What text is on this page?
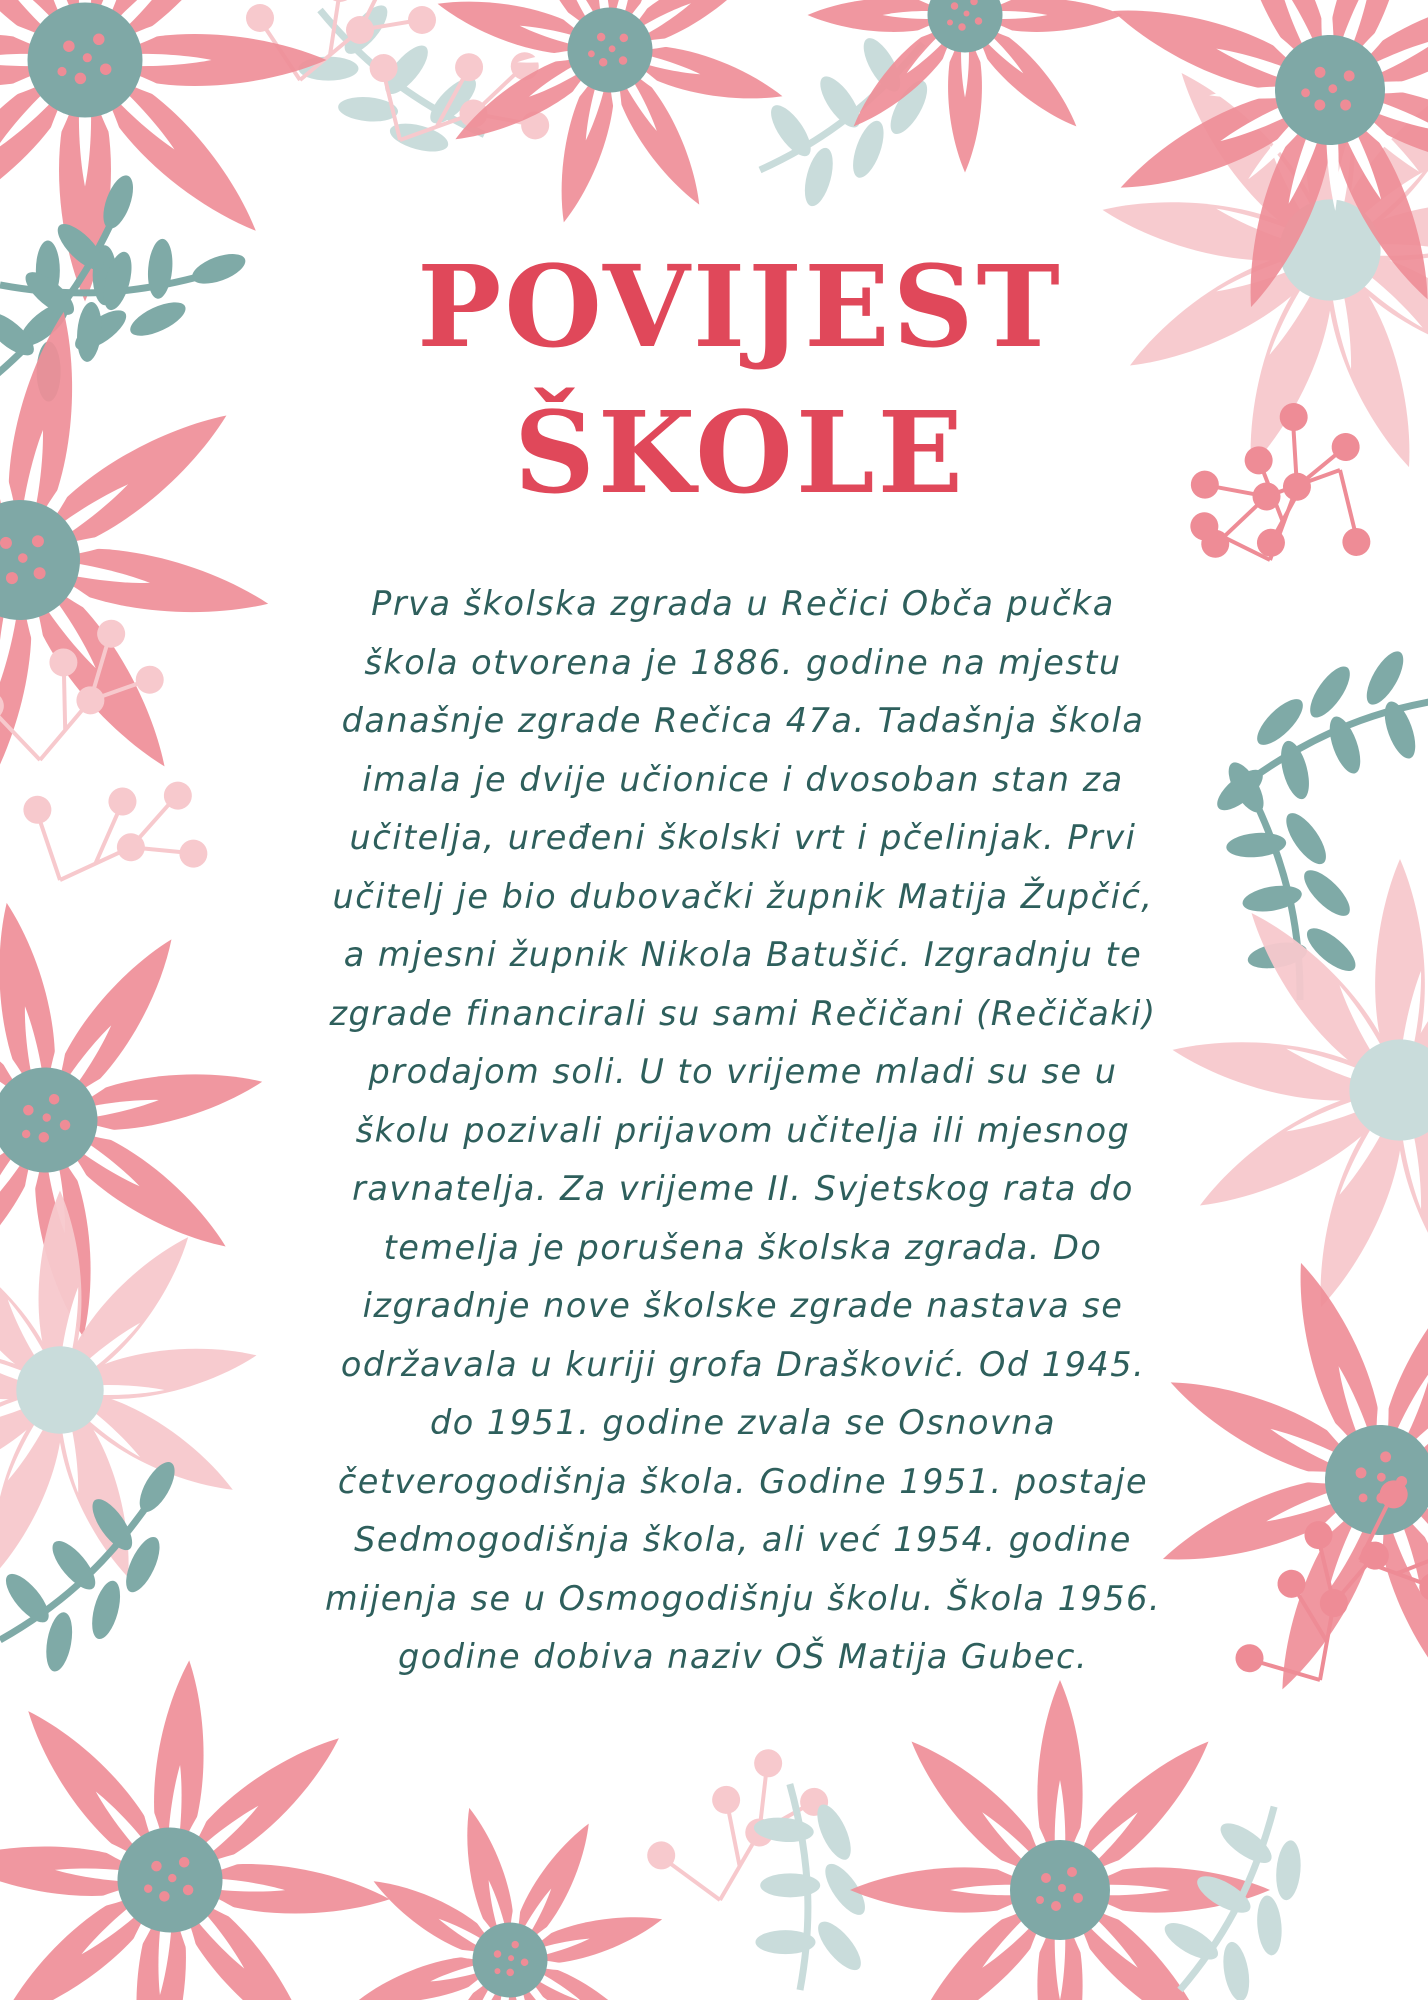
POVIJEST
ŠKOLE

Prva školska zgrada u Rečici Obča pučka škola otvorena je 1886. godine na mjestu današnje zgrade Rečica 47a. Tadašnja škola imala je dvije učionice i dvosoban stan za učitelja, uređeni školski vrt i pčelinjak. Prvi učitelj je bio dubovački župnik Matija Župčić, a mjesni župnik Nikola Batušić. Izgradnju te zgrade financirali su sami Rečičani (Rečičaki) prodajom soli. U to vrijeme mladi su se u školu pozivali prijavom učitelja ili mjesnog ravnatelja. Za vrijeme II. Svjetskog rata do temelja je porušena školska zgrada. Do izgradnje nove školske zgrade nastava se održavala u kuriji grofa Drašković. Od 1945. do 1951. godine zvala se Osnovna četverogodišnja škola. Godine 1951. postaje Sedmogodišnja škola, ali već 1954. godine mijenja se u Osmogodišnju školu. Škola 1956. godine dobiva naziv OŠ Matija Gubec.
